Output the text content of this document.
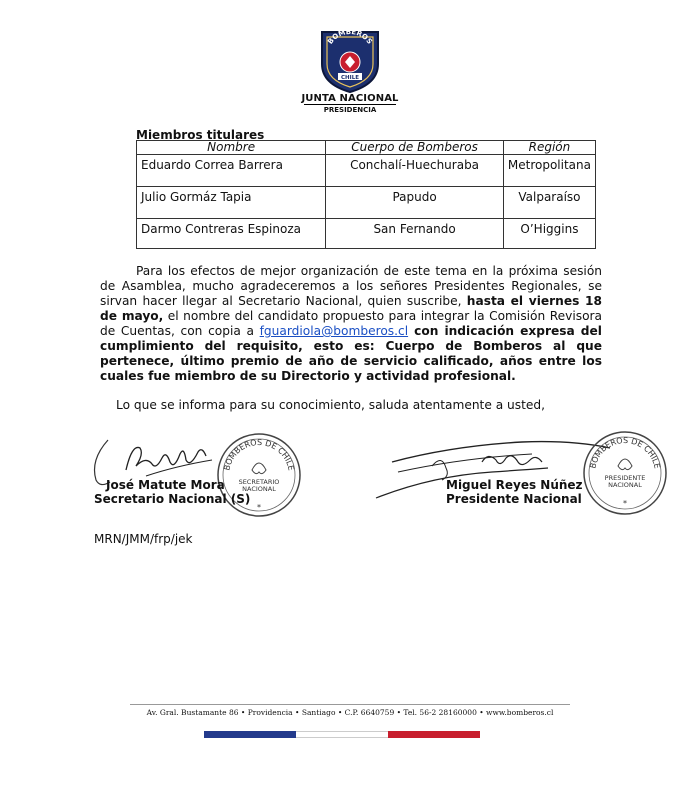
BOMBEROS
CHILE
JUNTA NACIONAL
PRESIDENCIA
Miembros titulares
Nombre	Cuerpo de Bomberos	Región
Eduardo Correa Barrera	Conchalí-Huechuraba	Metropolitana
Julio Gormáz Tapia	Papudo	Valparaíso
Darmo Contreras Espinoza	San Fernando	O’Higgins
Para los efectos de mejor organización de este tema en la próxima sesión de Asamblea, mucho agradeceremos a los señores Presidentes Regionales, se sirvan hacer llegar al Secretario Nacional, quien suscribe, hasta el viernes 18 de mayo, el nombre del candidato propuesto para integrar la Comisión Revisora de Cuentas, con copia a fguardiola@bomberos.cl con indicación expresa del cumplimiento del requisito, esto es: Cuerpo de Bomberos al que pertenece, último premio de año de servicio calificado, años entre los cuales fue miembro de su Directorio y actividad profesional.
Lo que se informa para su conocimiento, saluda atentamente a usted,
BOMBEROS DE CHILE
SECRETARIO NACIONAL
*
BOMBEROS DE CHILE
PRESIDENTE NACIONAL
*
José Matute Mora
Secretario Nacional (S)
Miguel Reyes Núñez
Presidente Nacional
MRN/JMM/frp/jek
Av. Gral. Bustamante 86 • Providencia • Santiago • C.P. 6640759 • Tel. 56-2 28160000 • www.bomberos.cl
